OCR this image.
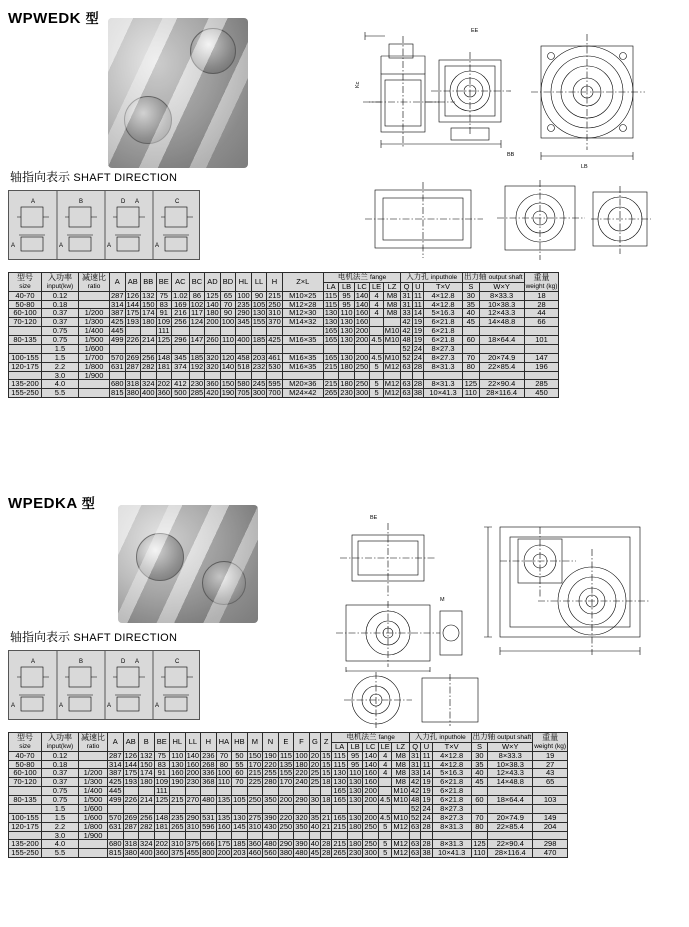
WPWEDK 型
EE
Kc
BB
LB
轴指向表示 SHAFT DIRECTION
A	B	D A	C
A	A	A	A
型号
size	入功率
input(kw)	减速比
ratio	A	AB	BB	BE	AC	BC	AD	BD	HL	LL	H	Z×L	电机法兰 fange					入力孔 inputhole			出力轴 output shaft		重量
weight (kg)

															LA	LB	LC	LE	LZ	Q	U	T×V	S	W×Y	
40-70	0.12		287	126	132	75	1.02	86	125	65	100	90	215	M10×25	115	95	140	4	M8	31	11	4×12.8	30	8×33.3	18
50-80	0.18		314	144	150	83	169	102	140	70	235	105	250	M12×28	115	95	140	4	M8	31	11	4×12.8	35	10×38.3	28
60-100	0.37	1/200	387	175	174	91	216	117	180	90	290	130	310	M12×30	130	110	160	4	M8	33	14	5×16.3	40	12×43.3	44
70-120	0.37	1/300	425	193	180	109	256	124	200	100	345	155	370	M14×32	130	130	160			42	19	6×21.8	45	14×48.8	66
	0.75	1/400	445			111									165	130	200		M10	42	19	6×21.8			
80-135	0.75	1/500	499	226	214	125	296	147	260	110	400	185	425	M16×35	165	130	200	4.5	M10	48	19	6×21.8	60	18×64.4	101
	1.5	1/600																		52	24	8×27.3			
100-155	1.5	1/700	570	269	256	148	345	185	320	120	458	203	461	M16×35	165	130	200	4.5	M10	52	24	8×27.3	70	20×74.9	147
120-175	2.2	1/800	631	287	282	181	374	192	320	140	518	232	530	M16×35	215	180	250	5	M12	63	28	8×31.3	80	22×85.4	196
	3.0	1/900																							
135-200	4.0		680	318	324	202	412	230	360	150	580	245	595	M20×36	215	180	250	5	M12	63	28	8×31.3	125	22×90.4	285
155-250	5.5		815	380	400	360	500	285	420	190	705	300	700	M24×42	265	230	300	5	M12	63	38	10×41.3	110	28×116.4	450
WPEDKA 型
BE
M
轴指向表示 SHAFT DIRECTION
A	B	D A	C
A	A	A	A
型号
size	入功率
input(kw)	减速比
ratio	A	AB	B	BE	HL	LL	H	HA	HB	M	N	E	F	G	Z	电机法兰 fange					入力孔 inputhole			出力轴 output shaft		重量
weight (kg)

																		LA	LB	LC	LE	LZ	Q	U	T×V	S	W×Y	
40-70	0.12		287	126	132	75	110	140	236	70	50	150	190	115	100	20	15	115	95	140	4	M8	31	11	4×12.8	30	8×33.3	19
50-80	0.18		314	144	150	83	130	160	268	80	55	170	220	135	180	20	15	115	95	140	4	M8	31	11	4×12.8	35	10×38.3	27
60-100	0.37	1/200	387	175	174	91	160	200	336	100	60	215	255	155	220	25	15	130	110	160	4	M8	33	14	5×16.3	40	12×43.3	43
70-120	0.37	1/300	425	193	180	109	190	230	368	110	70	225	280	170	240	25	18	130	130	160		M8	42	19	6×21.8	45	14×48.8	65
	0.75	1/400	445			111												165	130	200		M10	42	19	6×21.8			
80-135	0.75	1/500	499	226	214	125	215	270	480	135	105	250	350	200	290	30	18	165	130	200	4.5	M10	48	19	6×21.8	60	18×64.4	103
	1.5	1/600																					52	24	8×27.3			
100-155	1.5	1/600	570	269	256	148	235	290	531	135	130	275	390	220	320	35	21	165	130	200	4.5	M10	52	24	8×27.3	70	20×74.9	149
120-175	2.2	1/800	631	287	282	181	265	310	596	160	145	310	430	250	350	40	21	215	180	250	5	M12	63	28	8×31.3	80	22×85.4	204
	3.0	1/900																										
135-200	4.0		680	318	324	202	310	375	666	175	185	360	480	290	390	40	28	215	180	250	5	M12	63	28	8×31.3	125	22×90.4	298
155-250	5.5		815	380	400	360	375	455	800	200	203	460	560	380	480	45	28	265	230	300	5	M12	63	38	10×41.3	110	28×116.4	470
